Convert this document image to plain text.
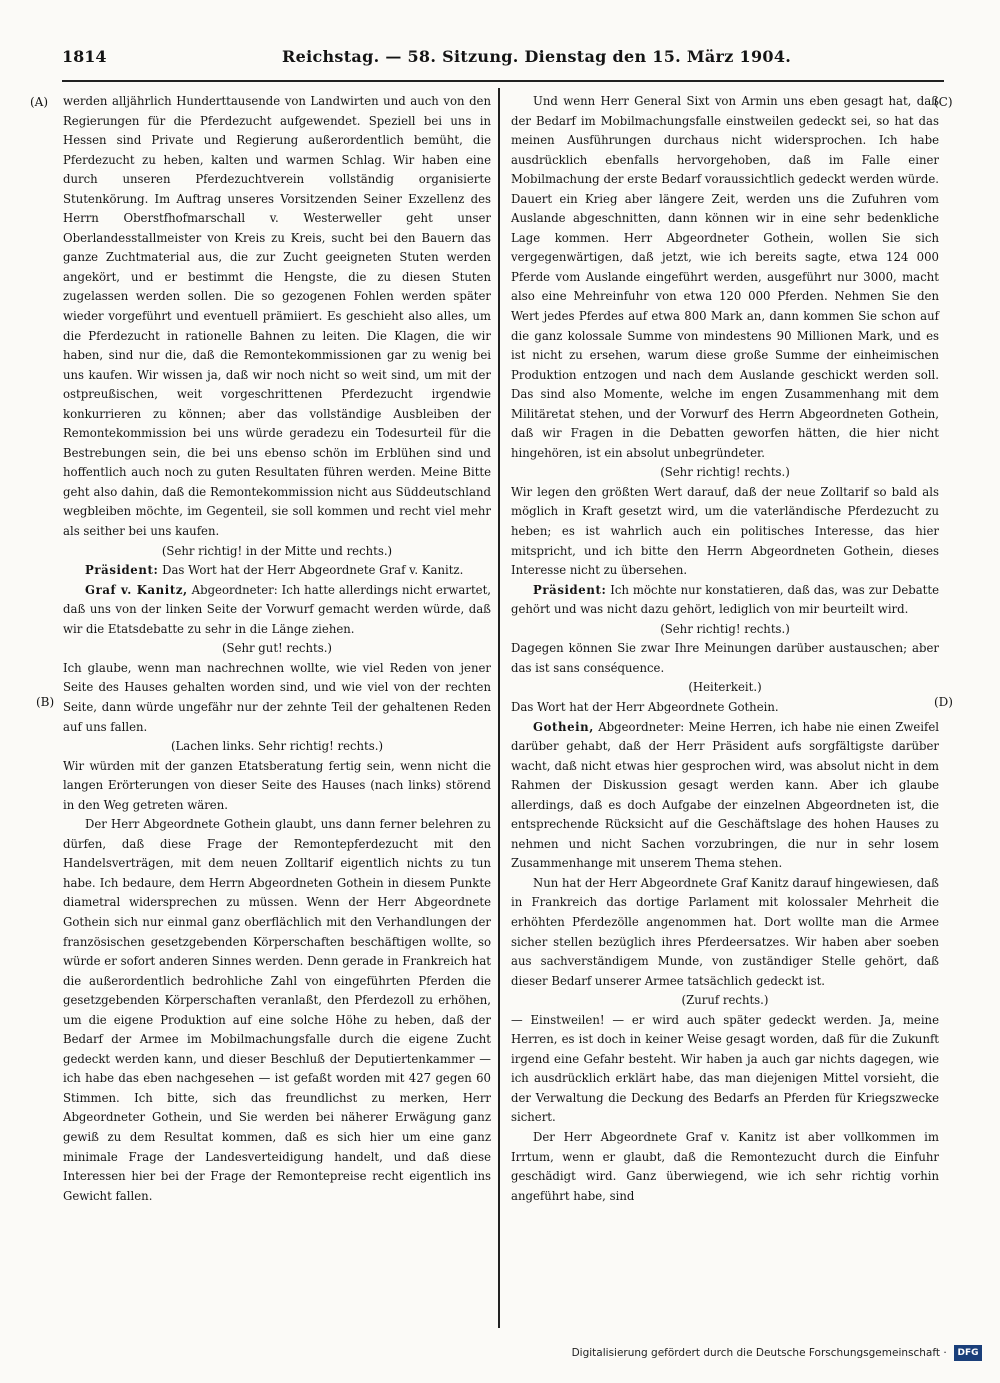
1814	Reichstag. — 58. Sitzung. Dienstag den 15. März 1904.
(A)
(B)
(C)
(D)

werden alljährlich Hunderttausende von Landwirten und auch von den Regierungen für die Pferdezucht aufgewendet. Speziell bei uns in Hessen sind Private und Regierung außerordentlich bemüht, die Pferdezucht zu heben, kalten und warmen Schlag. Wir haben eine durch unseren Pferdezuchtverein vollständig organisierte Stutenkörung. Im Auftrag unseres Vorsitzenden Seiner Exzellenz des Herrn Oberstfhofmarschall v. Westerweller geht unser Oberlandesstallmeister von Kreis zu Kreis, sucht bei den Bauern das ganze Zuchtmaterial aus, die zur Zucht geeigneten Stuten werden angekört, und er bestimmt die Hengste, die zu diesen Stuten zugelassen werden sollen. Die so gezogenen Fohlen werden später wieder vorgeführt und eventuell prämiiert. Es geschieht also alles, um die Pferdezucht in rationelle Bahnen zu leiten. Die Klagen, die wir haben, sind nur die, daß die Remontekommissionen gar zu wenig bei uns kaufen. Wir wissen ja, daß wir noch nicht so weit sind, um mit der ostpreußischen, weit vorgeschrittenen Pferdezucht irgendwie konkurrieren zu können; aber das vollständige Ausbleiben der Remontekommission bei uns würde geradezu ein Todesurteil für die Bestrebungen sein, die bei uns ebenso schön im Erblühen sind und hoffentlich auch noch zu guten Resultaten führen werden. Meine Bitte geht also dahin, daß die Remontekommission nicht aus Süddeutschland wegbleiben möchte, im Gegenteil, sie soll kommen und recht viel mehr als seither bei uns kaufen.

(Sehr richtig! in der Mitte und rechts.)

Präsident: Das Wort hat der Herr Abgeordnete Graf v. Kanitz.

Graf v. Kanitz, Abgeordneter: Ich hatte allerdings nicht erwartet, daß uns von der linken Seite der Vorwurf gemacht werden würde, daß wir die Etatsdebatte zu sehr in die Länge ziehen.

(Sehr gut! rechts.)

Ich glaube, wenn man nachrechnen wollte, wie viel Reden von jener Seite des Hauses gehalten worden sind, und wie viel von der rechten Seite, dann würde ungefähr nur der zehnte Teil der gehaltenen Reden auf uns fallen.

(Lachen links. Sehr richtig! rechts.)

Wir würden mit der ganzen Etatsberatung fertig sein, wenn nicht die langen Erörterungen von dieser Seite des Hauses (nach links) störend in den Weg getreten wären.

Der Herr Abgeordnete Gothein glaubt, uns dann ferner belehren zu dürfen, daß diese Frage der Remontepferdezucht mit den Handelsverträgen, mit dem neuen Zolltarif eigentlich nichts zu tun habe. Ich bedaure, dem Herrn Abgeordneten Gothein in diesem Punkte diametral widersprechen zu müssen. Wenn der Herr Abgeordnete Gothein sich nur einmal ganz oberflächlich mit den Verhandlungen der französischen gesetzgebenden Körperschaften beschäftigen wollte, so würde er sofort anderen Sinnes werden. Denn gerade in Frankreich hat die außerordentlich bedrohliche Zahl von eingeführten Pferden die gesetzgebenden Körperschaften veranlaßt, den Pferdezoll zu erhöhen, um die eigene Produktion auf eine solche Höhe zu heben, daß der Bedarf der Armee im Mobilmachungsfalle durch die eigene Zucht gedeckt werden kann, und dieser Beschluß der Deputiertenkammer — ich habe das eben nachgesehen — ist gefaßt worden mit 427 gegen 60 Stimmen. Ich bitte, sich das freundlichst zu merken, Herr Abgeordneter Gothein, und Sie werden bei näherer Erwägung ganz gewiß zu dem Resultat kommen, daß es sich hier um eine ganz minimale Frage der Landesverteidigung handelt, und daß diese Interessen hier bei der Frage der Remontepreise recht eigentlich ins Gewicht fallen.

Und wenn Herr General Sixt von Armin uns eben gesagt hat, daß der Bedarf im Mobilmachungsfalle einstweilen gedeckt sei, so hat das meinen Ausführungen durchaus nicht widersprochen. Ich habe ausdrücklich ebenfalls hervorgehoben, daß im Falle einer Mobilmachung der erste Bedarf voraussichtlich gedeckt werden würde. Dauert ein Krieg aber längere Zeit, werden uns die Zufuhren vom Auslande abgeschnitten, dann können wir in eine sehr bedenkliche Lage kommen. Herr Abgeordneter Gothein, wollen Sie sich vergegenwärtigen, daß jetzt, wie ich bereits sagte, etwa 124 000 Pferde vom Auslande eingeführt werden, ausgeführt nur 3000, macht also eine Mehreinfuhr von etwa 120 000 Pferden. Nehmen Sie den Wert jedes Pferdes auf etwa 800 Mark an, dann kommen Sie schon auf die ganz kolossale Summe von mindestens 90 Millionen Mark, und es ist nicht zu ersehen, warum diese große Summe der einheimischen Produktion entzogen und nach dem Auslande geschickt werden soll. Das sind also Momente, welche im engen Zusammenhang mit dem Militäretat stehen, und der Vorwurf des Herrn Abgeordneten Gothein, daß wir Fragen in die Debatten geworfen hätten, die hier nicht hingehören, ist ein absolut unbegründeter.

(Sehr richtig! rechts.)

Wir legen den größten Wert darauf, daß der neue Zolltarif so bald als möglich in Kraft gesetzt wird, um die vaterländische Pferdezucht zu heben; es ist wahrlich auch ein politisches Interesse, das hier mitspricht, und ich bitte den Herrn Abgeordneten Gothein, dieses Interesse nicht zu übersehen.

Präsident: Ich möchte nur konstatieren, daß das, was zur Debatte gehört und was nicht dazu gehört, lediglich von mir beurteilt wird.

(Sehr richtig! rechts.)

Dagegen können Sie zwar Ihre Meinungen darüber austauschen; aber das ist sans conséquence.

(Heiterkeit.)

Das Wort hat der Herr Abgeordnete Gothein.

Gothein, Abgeordneter: Meine Herren, ich habe nie einen Zweifel darüber gehabt, daß der Herr Präsident aufs sorgfältigste darüber wacht, daß nicht etwas hier gesprochen wird, was absolut nicht in dem Rahmen der Diskussion gesagt werden kann. Aber ich glaube allerdings, daß es doch Aufgabe der einzelnen Abgeordneten ist, die entsprechende Rücksicht auf die Geschäftslage des hohen Hauses zu nehmen und nicht Sachen vorzubringen, die nur in sehr losem Zusammenhange mit unserem Thema stehen.

Nun hat der Herr Abgeordnete Graf Kanitz darauf hingewiesen, daß in Frankreich das dortige Parlament mit kolossaler Mehrheit die erhöhten Pferdezölle angenommen hat. Dort wollte man die Armee sicher stellen bezüglich ihres Pferdeersatzes. Wir haben aber soeben aus sachverständigem Munde, von zuständiger Stelle gehört, daß dieser Bedarf unserer Armee tatsächlich gedeckt ist.

(Zuruf rechts.)

— Einstweilen! — er wird auch später gedeckt werden. Ja, meine Herren, es ist doch in keiner Weise gesagt worden, daß für die Zukunft irgend eine Gefahr besteht. Wir haben ja auch gar nichts dagegen, wie ich ausdrücklich erklärt habe, das man diejenigen Mittel vorsieht, die der Verwaltung die Deckung des Bedarfs an Pferden für Kriegszwecke sichert.

Der Herr Abgeordnete Graf v. Kanitz ist aber vollkommen im Irrtum, wenn er glaubt, daß die Remontezucht durch die Einfuhr geschädigt wird. Ganz überwiegend, wie ich sehr richtig vorhin angeführt habe, sind

Digitalisierung gefördert durch die Deutsche Forschungsgemeinschaft · DFG
